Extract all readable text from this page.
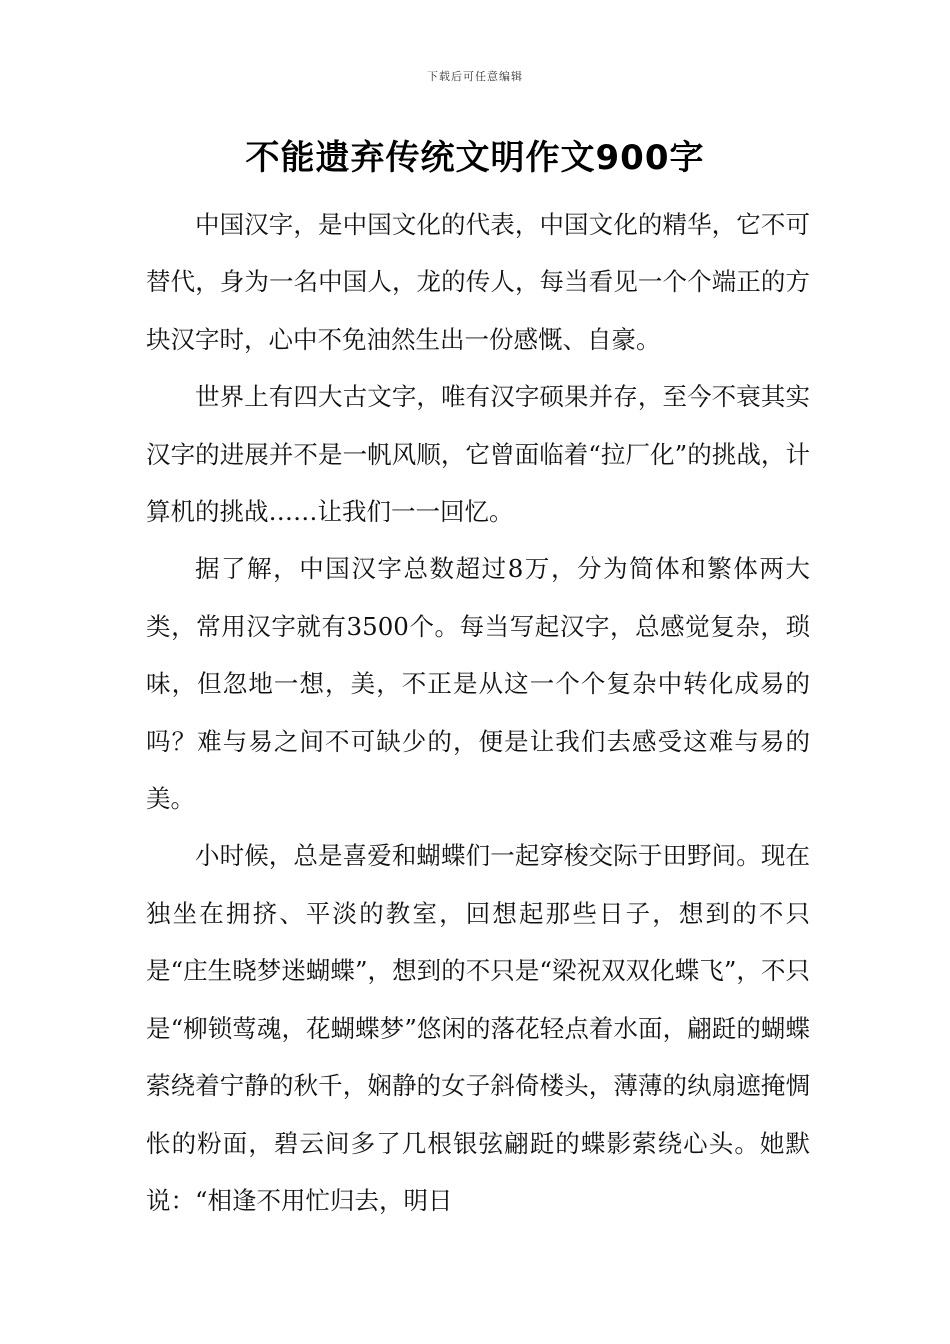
下载后可任意编辑
不能遗弃传统文明作文900字

中国汉字，是中国文化的代表，中国文化的精华，它不可替代，身为一名中国人，龙的传人，每当看见一个个端正的方块汉字时，心中不免油然生出一份感慨、自豪。

世界上有四大古文字，唯有汉字硕果并存，至今不衰其实汉字的进展并不是一帆风顺，它曾面临着“拉厂化”的挑战，计算机的挑战……让我们一一回忆。

据了解，中国汉字总数超过8万，分为简体和繁体两大类，常用汉字就有3500个。每当写起汉字，总感觉复杂，琐味，但忽地一想，美，不正是从这一个个复杂中转化成易的吗？难与易之间不可缺少的，便是让我们去感受这难与易的美。

小时候，总是喜爱和蝴蝶们一起穿梭交际于田野间。现在独坐在拥挤、平淡的教室，回想起那些日子，想到的不只是“庄生晓梦迷蝴蝶”，想到的不只是“梁祝双双化蝶飞”，不只是“柳锁莺魂，花蝴蝶梦”悠闲的落花轻点着水面，翩跹的蝴蝶萦绕着宁静的秋千，娴静的女子斜倚楼头，薄薄的纨扇遮掩惆怅的粉面，碧云间多了几根银弦翩跹的蝶影萦绕心头。她默说：“相逢不用忙归去，明日
